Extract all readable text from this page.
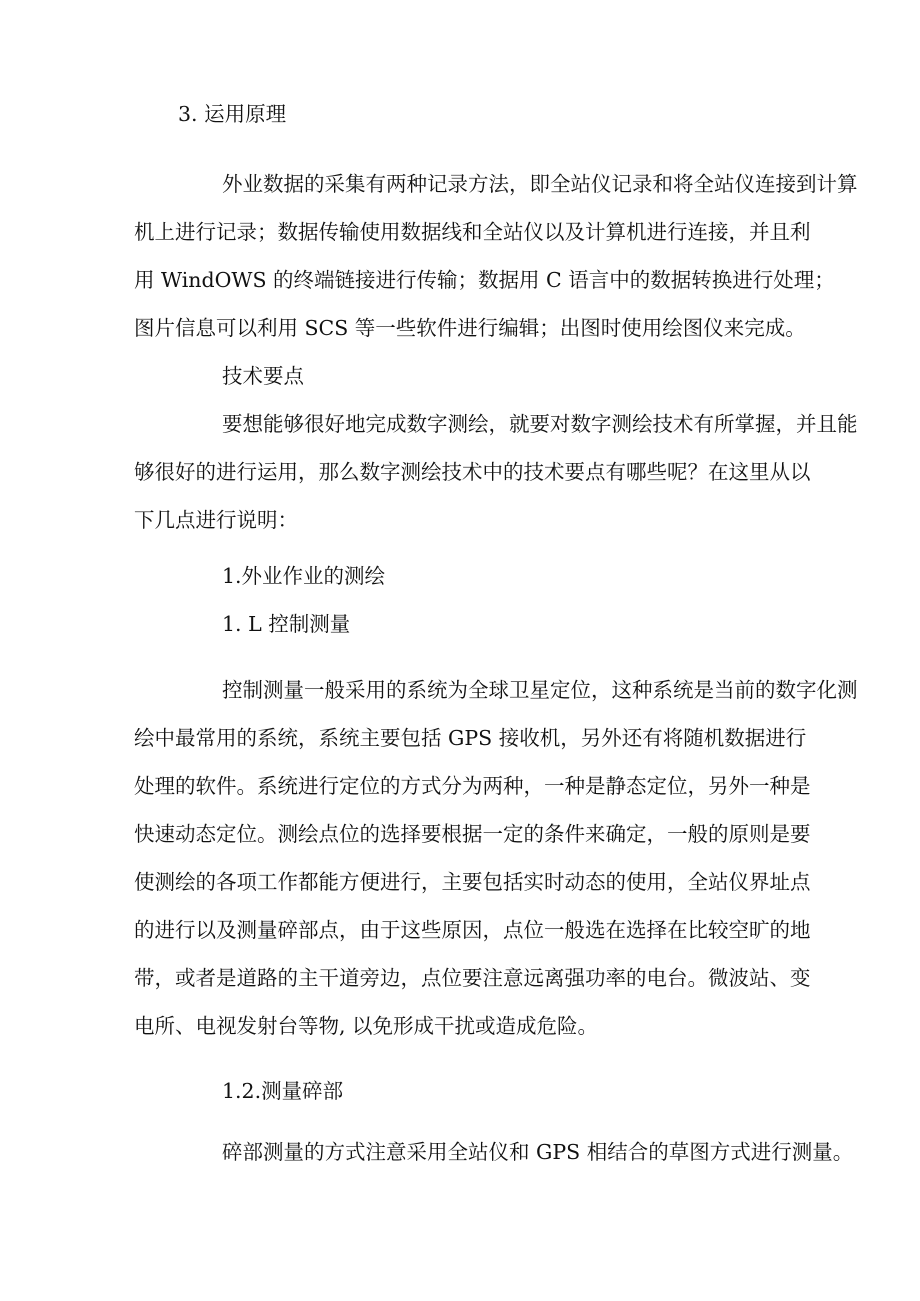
3. 运用原理

外业数据的采集有两种记录方法，即全站仪记录和将全站仪连接到计算
机上进行记录；数据传输使用数据线和全站仪以及计算机进行连接，并且利
用 WindOWS 的终端链接进行传输；数据用 C 语言中的数据转换进行处理；
图片信息可以利用 SCS 等一些软件进行编辑；出图时使用绘图仪来完成。

技术要点

要想能够很好地完成数字测绘，就要对数字测绘技术有所掌握，并且能
够很好的进行运用，那么数字测绘技术中的技术要点有哪些呢？在这里从以
下几点进行说明：

1.外业作业的测绘

1. L 控制测量

控制测量一般采用的系统为全球卫星定位，这种系统是当前的数字化测
绘中最常用的系统，系统主要包括 GPS 接收机，另外还有将随机数据进行
处理的软件。系统进行定位的方式分为两种，一种是静态定位，另外一种是
快速动态定位。测绘点位的选择要根据一定的条件来确定，一般的原则是要
使测绘的各项工作都能方便进行，主要包括实时动态的使用，全站仪界址点
的进行以及测量碎部点，由于这些原因，点位一般选在选择在比较空旷的地
带，或者是道路的主干道旁边，点位要注意远离强功率的电台。微波站、变
电所、电视发射台等物, 以免形成干扰或造成危险。

1.2.测量碎部

碎部测量的方式注意采用全站仪和 GPS 相结合的草图方式进行测量。
